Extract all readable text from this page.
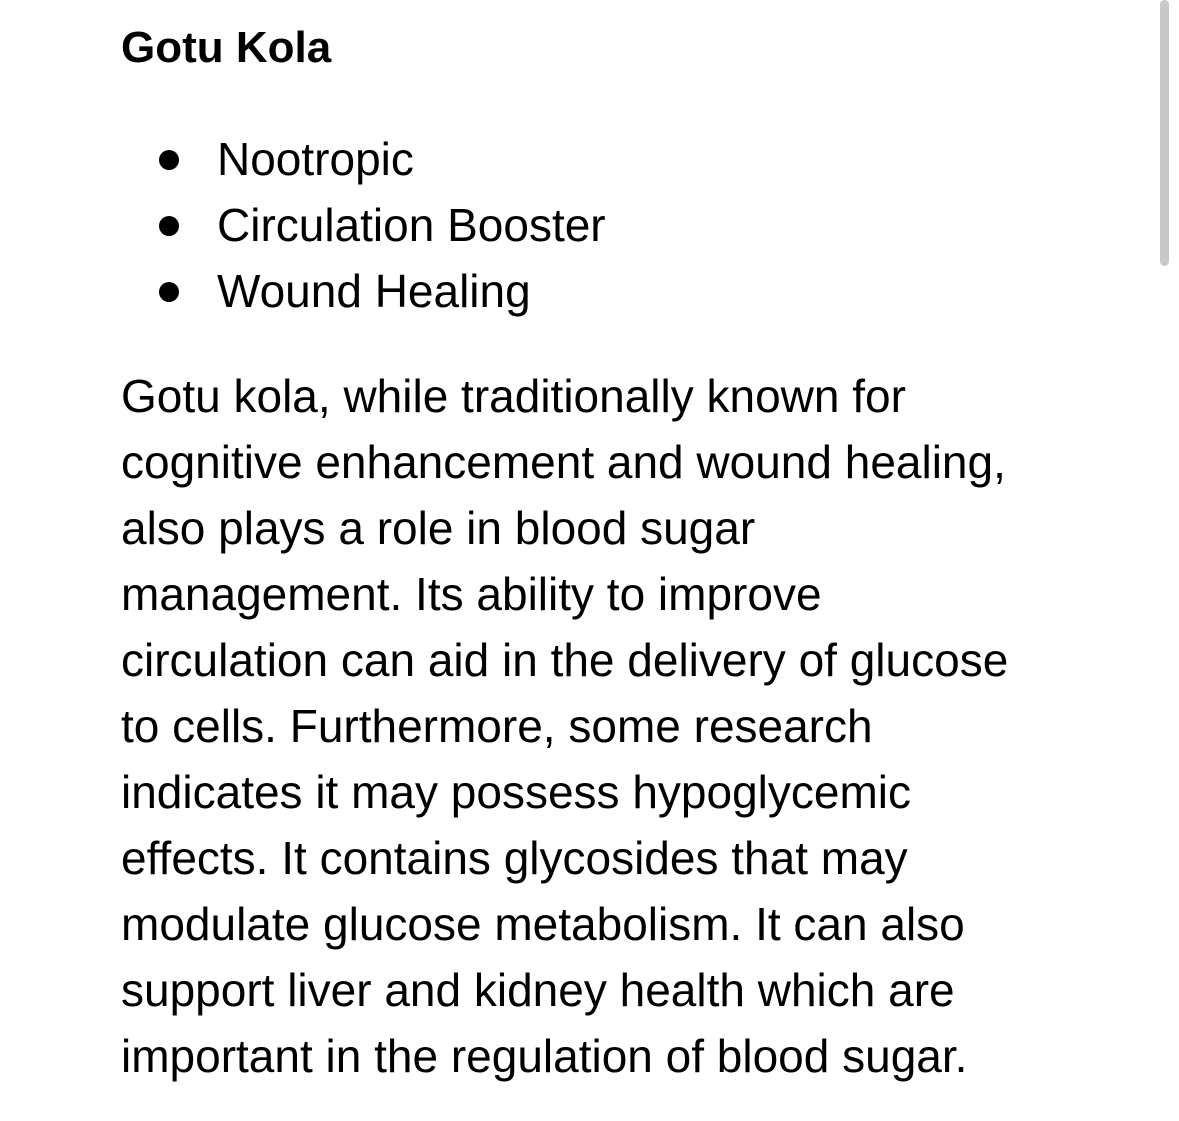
Gotu Kola
Nootropic
Circulation Booster
Wound Healing

Gotu kola, while traditionally known for
cognitive enhancement and wound healing,
also plays a role in blood sugar
management. Its ability to improve
circulation can aid in the delivery of glucose
to cells. Furthermore, some research
indicates it may possess hypoglycemic
effects. It contains glycosides that may
modulate glucose metabolism. It can also
support liver and kidney health which are
important in the regulation of blood sugar.
